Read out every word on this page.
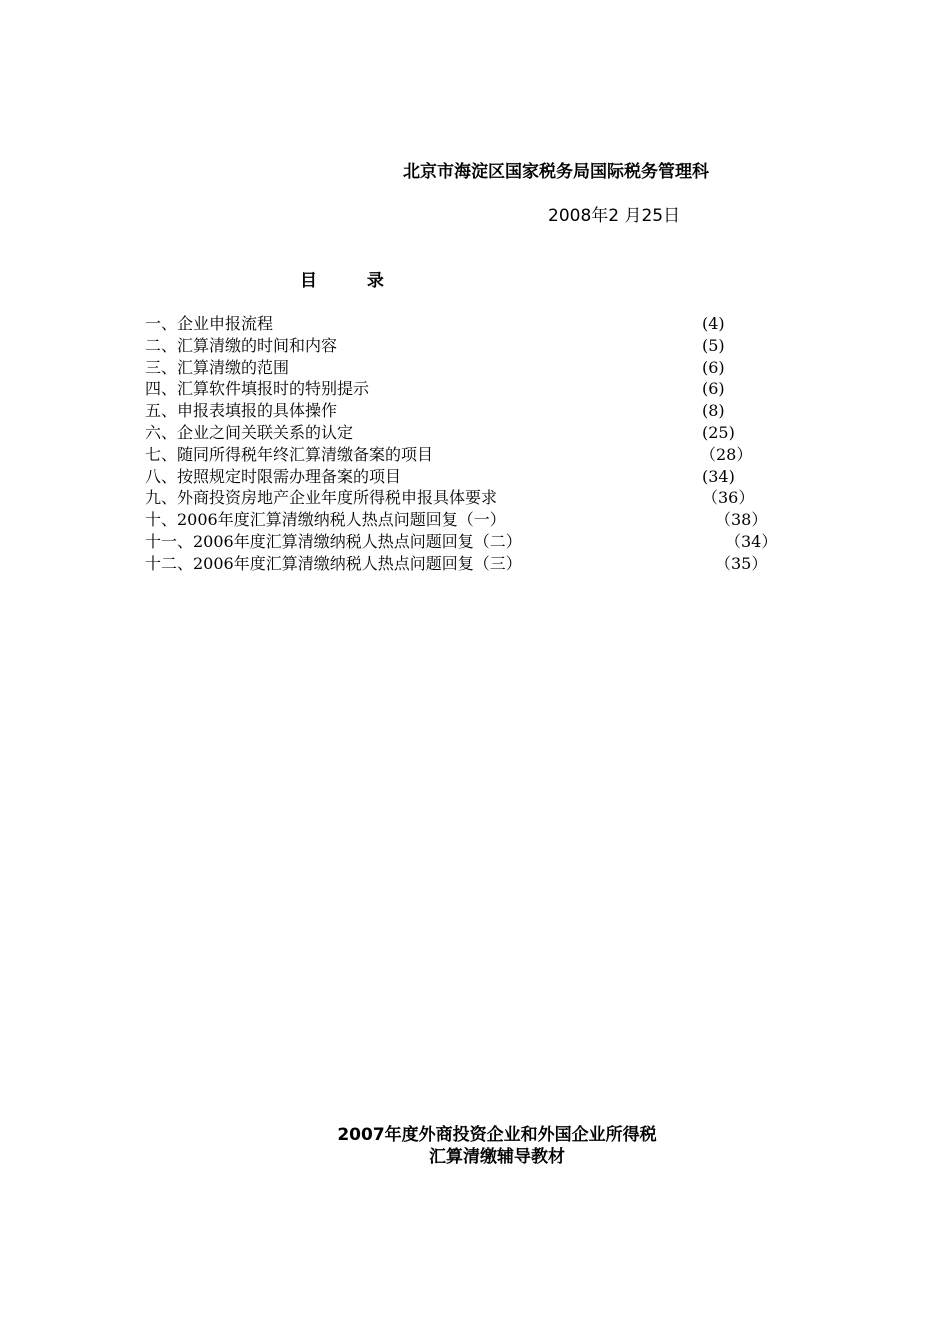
北京市海淀区国家税务局国际税务管理科
2008年2 月25日
目 录
一、企业申报流程	(4)
二、汇算清缴的时间和内容	(5)
三、汇算清缴的范围	(6)
四、汇算软件填报时的特别提示	(6)
五、申报表填报的具体操作	(8)
六、企业之间关联关系的认定	(25)
七、随同所得税年终汇算清缴备案的项目	（28）
八、按照规定时限需办理备案的项目	(34)
九、外商投资房地产企业年度所得税申报具体要求	（36）
十、2006年度汇算清缴纳税人热点问题回复（一）	（38）
十一、2006年度汇算清缴纳税人热点问题回复（二）	（34）
十二、2006年度汇算清缴纳税人热点问题回复（三）	（35）
2007年度外商投资企业和外国企业所得税
汇算清缴辅导教材
